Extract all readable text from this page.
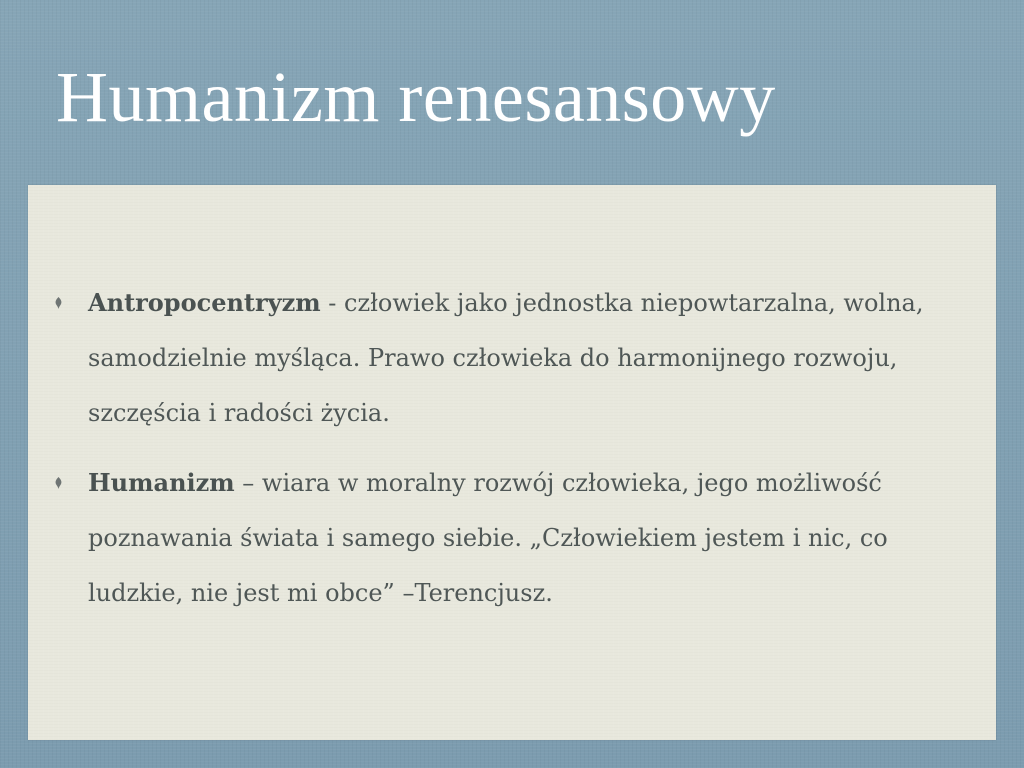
Humanizm renesansowy
Antropocentryzm - człowiek jako jednostka niepowtarzalna, wolna, samodzielnie myśląca. Prawo człowieka do harmonijnego rozwoju, szczęścia i radości życia.
Humanizm – wiara w moralny rozwój człowieka, jego możliwość poznawania świata i samego siebie. „Człowiekiem jestem i nic, co ludzkie, nie jest mi obce” –Terencjusz.
